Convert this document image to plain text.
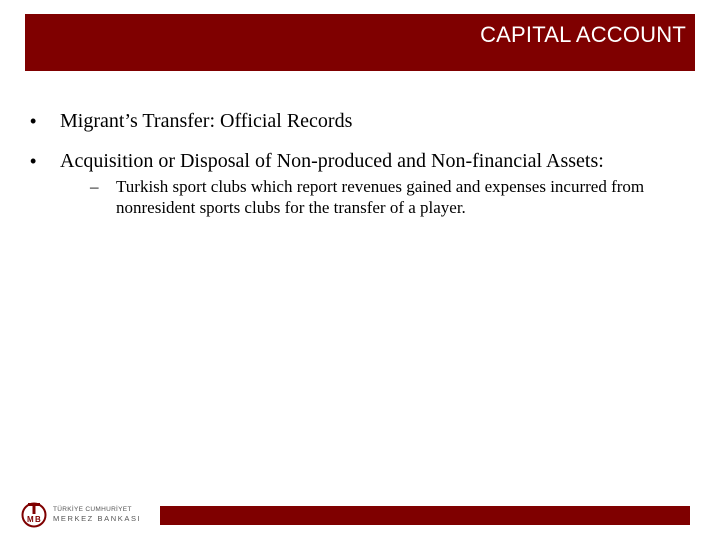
CAPITAL ACCOUNT
• Migrant’s Transfer: Official Records
• Acquisition or Disposal of Non-produced and Non-financial Assets:
– Turkish sport clubs which report revenues gained and expenses incurred from nonresident sports clubs for the transfer of a player.
M B
TÜRKİYE CUMHURİYET
MERKEZ BANKASI
